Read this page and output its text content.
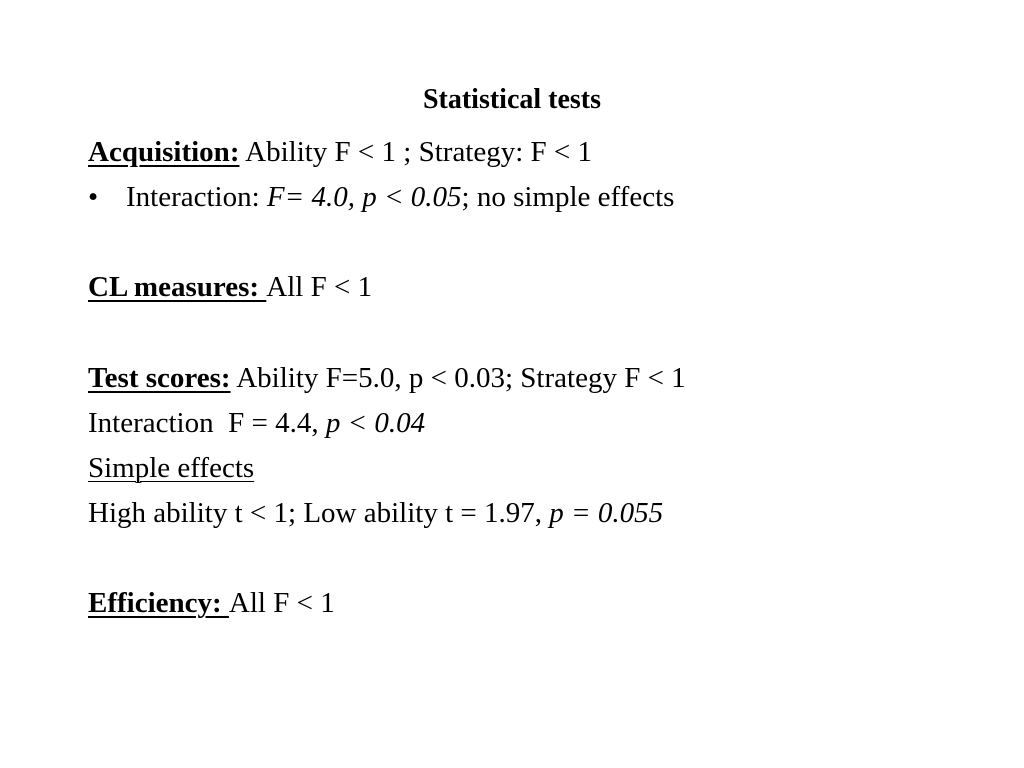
Statistical tests
Acquisition: Ability F < 1 ; Strategy: F < 1
• Interaction: F= 4.0, p < 0.05; no simple effects
CL measures: All F < 1
Test scores: Ability F=5.0, p < 0.03; Strategy F < 1
Interaction  F = 4.4, p < 0.04
Simple effects
High ability t < 1; Low ability t = 1.97, p = 0.055
Efficiency: All F < 1
